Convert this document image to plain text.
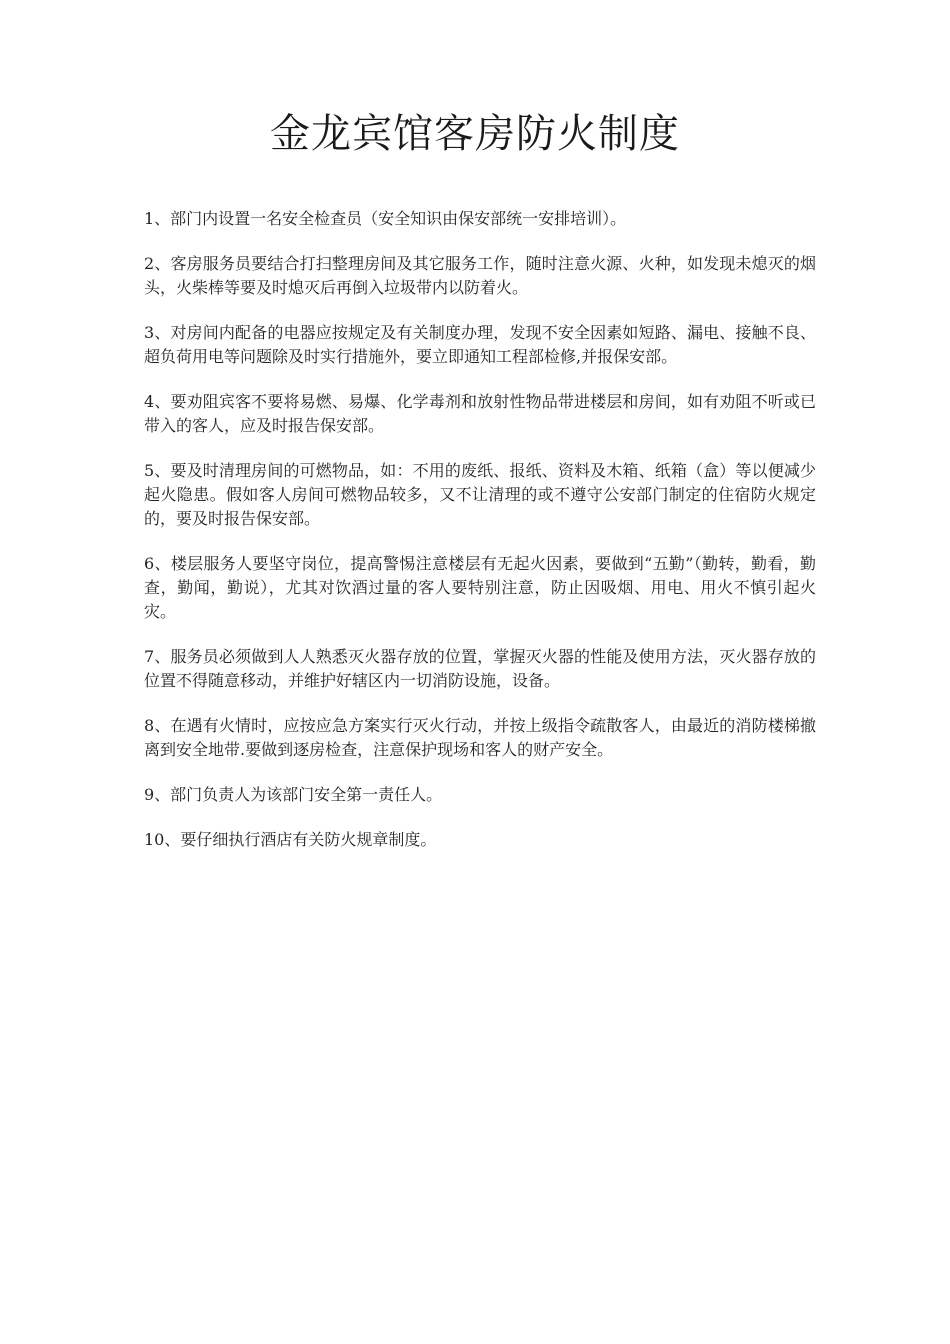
金龙宾馆客房防火制度
1、部门内设置一名安全检查员（安全知识由保安部统一安排培训）。
2、客房服务员要结合打扫整理房间及其它服务工作，随时注意火源、火种，如发现未熄灭的烟头，火柴棒等要及时熄灭后再倒入垃圾带内以防着火。
3、对房间内配备的电器应按规定及有关制度办理，发现不安全因素如短路、漏电、接触不良、超负荷用电等问题除及时实行措施外，要立即通知工程部检修,并报保安部。
4、要劝阻宾客不要将易燃、易爆、化学毒剂和放射性物品带进楼层和房间，如有劝阻不听或已带入的客人，应及时报告保安部。
5、要及时清理房间的可燃物品，如：不用的废纸、报纸、资料及木箱、纸箱（盒）等以便减少起火隐患。假如客人房间可燃物品较多，又不让清理的或不遵守公安部门制定的住宿防火规定的，要及时报告保安部。
6、楼层服务人要坚守岗位，提高警惕注意楼层有无起火因素，要做到“五勤”（勤转，勤看，勤查，勤闻，勤说），尤其对饮酒过量的客人要特别注意，防止因吸烟、用电、用火不慎引起火灾。
7、服务员必须做到人人熟悉灭火器存放的位置，掌握灭火器的性能及使用方法，灭火器存放的位置不得随意移动，并维护好辖区内一切消防设施，设备。
8、在遇有火情时，应按应急方案实行灭火行动，并按上级指令疏散客人，由最近的消防楼梯撤离到安全地带.要做到逐房检查，注意保护现场和客人的财产安全。
9、部门负责人为该部门安全第一责任人。
10、要仔细执行酒店有关防火规章制度。
